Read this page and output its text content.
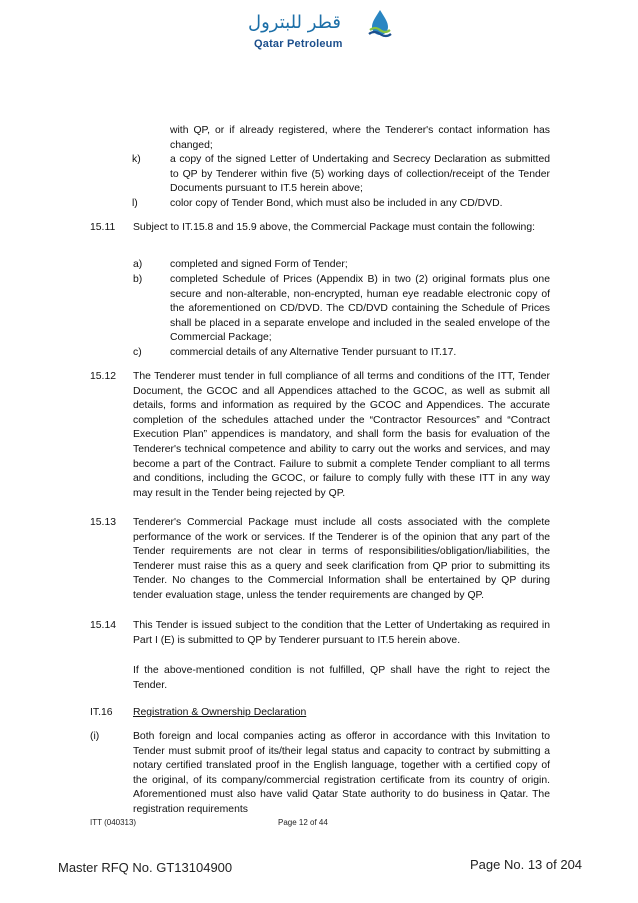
قطر للبترول
Qatar Petroleum

with QP, or if already registered, where the Tenderer's contact information has changed;

k)	a copy of the signed Letter of Undertaking and Secrecy Declaration as submitted to QP by Tenderer within five (5) working days of collection/receipt of the Tender Documents pursuant to IT.5 herein above;

l)	color copy of Tender Bond, which must also be included in any CD/DVD.

15.11 Subject to IT.15.8 and 15.9 above, the Commercial Package must contain the following:

a)	completed and signed Form of Tender;

b)	completed Schedule of Prices (Appendix B) in two (2) original formats plus one secure and non-alterable, non-encrypted, human eye readable electronic copy of the aforementioned on CD/DVD. The CD/DVD containing the Schedule of Prices shall be placed in a separate envelope and included in the sealed envelope of the Commercial Package;

c)	commercial details of any Alternative Tender pursuant to IT.17.

15.12 The Tenderer must tender in full compliance of all terms and conditions of the ITT, Tender Document, the GCOC and all Appendices attached to the GCOC, as well as submit all details, forms and information as required by the GCOC and Appendices. The accurate completion of the schedules attached under the “Contractor Resources” and “Contract Execution Plan” appendices is mandatory, and shall form the basis for evaluation of the Tenderer's technical competence and ability to carry out the works and services, and may become a part of the Contract. Failure to submit a complete Tender compliant to all terms and conditions, including the GCOC, or failure to comply fully with these ITT in any way may result in the Tender being rejected by QP.

15.13 Tenderer's Commercial Package must include all costs associated with the complete performance of the work or services. If the Tenderer is of the opinion that any part of the Tender requirements are not clear in terms of responsibilities/obligation/liabilities, the Tenderer must raise this as a query and seek clarification from QP prior to submitting its Tender. No changes to the Commercial Information shall be entertained by QP during tender evaluation stage, unless the tender requirements are changed by QP.

15.14 This Tender is issued subject to the condition that the Letter of Undertaking as required in Part I (E) is submitted to QP by Tenderer pursuant to IT.5 herein above.

If the above-mentioned condition is not fulfilled, QP shall have the right to reject the Tender.

IT.16 Registration & Ownership Declaration
(i)	Both foreign and local companies acting as offeror in accordance with this Invitation to Tender must submit proof of its/their legal status and capacity to contract by submitting a notary certified translated proof in the English language, together with a certified copy of the original, of its company/commercial registration certificate from its country of origin. Aforementioned must also have valid Qatar State authority to do business in Qatar. The registration requirements

ITT (040313)	Page 12 of 44
Master RFQ No. GT13104900	Page No. 13 of 204
